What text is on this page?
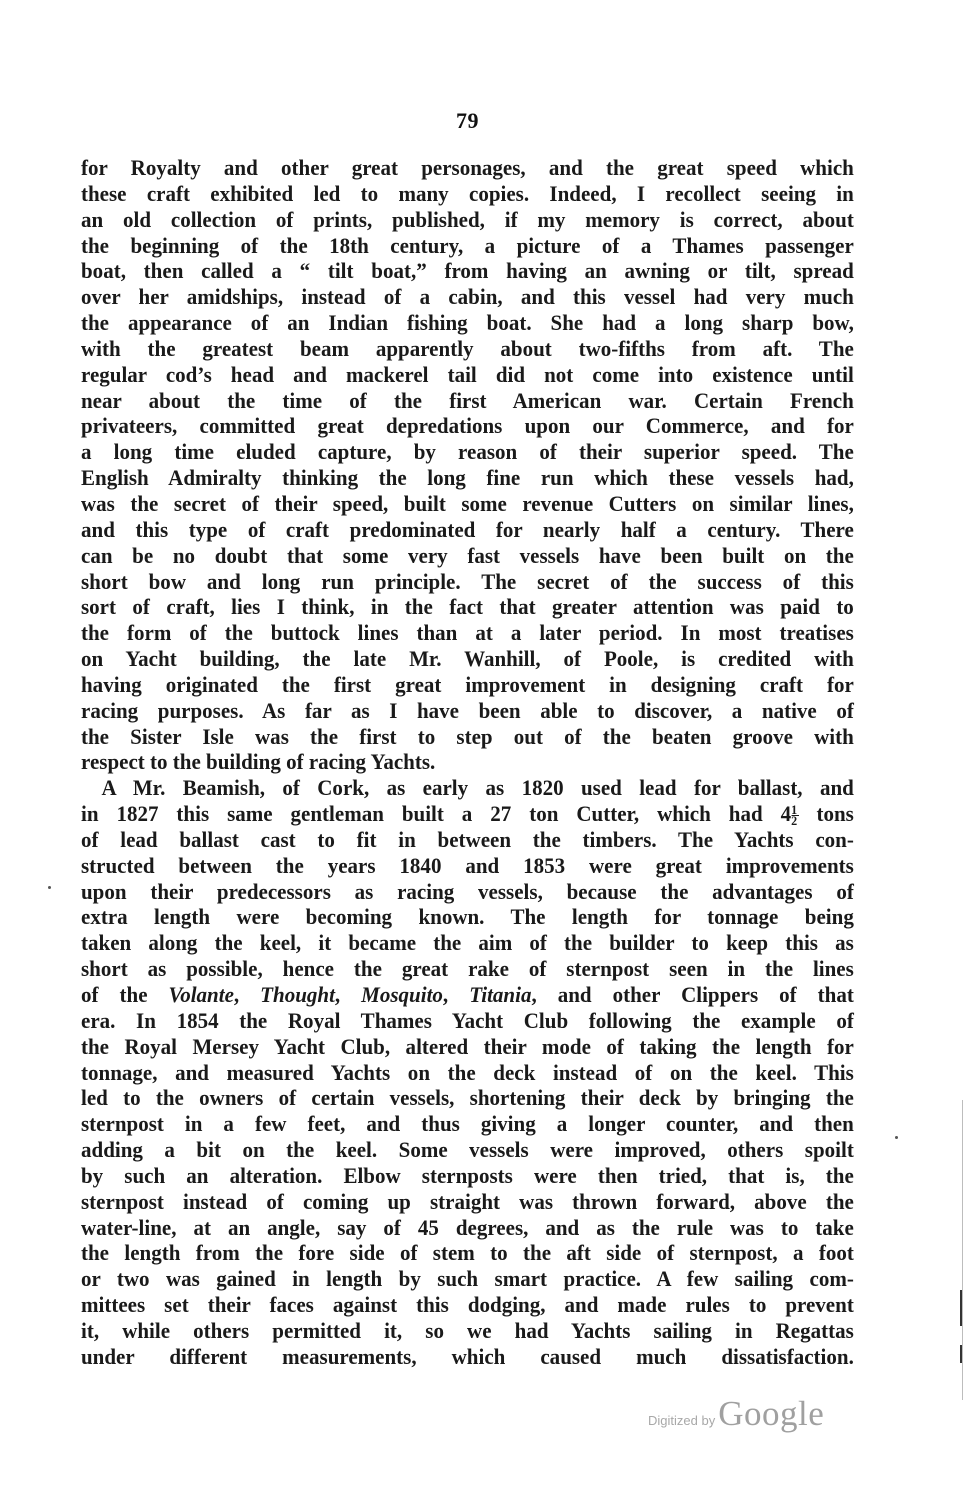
79
for Royalty and other great personages, and the great speed which
these craft exhibited led to many copies. Indeed, I recollect seeing in
an old collection of prints, published, if my memory is correct, about
the beginning of the 18th century, a picture of a Thames passenger
boat, then called a “ tilt boat,” from having an awning or tilt, spread
over her amidships, instead of a cabin, and this vessel had very much
the appearance of an Indian fishing boat. She had a long sharp bow,
with the greatest beam apparently about two-fifths from aft. The
regular cod’s head and mackerel tail did not come into existence until
near about the time of the first American war. Certain French
privateers, committed great depredations upon our Commerce, and for
a long time eluded capture, by reason of their superior speed. The
English Admiralty thinking the long fine run which these vessels had,
was the secret of their speed, built some revenue Cutters on similar lines,
and this type of craft predominated for nearly half a century. There
can be no doubt that some very fast vessels have been built on the
short bow and long run principle. The secret of the success of this
sort of craft, lies I think, in the fact that greater attention was paid to
the form of the buttock lines than at a later period. In most treatises
on Yacht building, the late Mr. Wanhill, of Poole, is credited with
having originated the first great improvement in designing craft for
racing purposes. As far as I have been able to discover, a native of
the Sister Isle was the first to step out of the beaten groove with
respect to the building of racing Yachts.
A Mr. Beamish, of Cork, as early as 1820 used lead for ballast, and
in 1827 this same gentleman built a 27 ton Cutter, which had $4 \frac{1}{2}$ tons
of lead ballast cast to fit in between the timbers. The Yachts con-
structed between the years 1840 and 1853 were great improvements
upon their predecessors as racing vessels, because the advantages of
extra length were becoming known. The length for tonnage being
taken along the keel, it became the aim of the builder to keep this as
short as possible, hence the great rake of sternpost seen in the lines
of the Volante, Thought, Mosquito, Titania, and other Clippers of that
era. In 1854 the Royal Thames Yacht Club following the example of
the Royal Mersey Yacht Club, altered their mode of taking the length for
tonnage, and measured Yachts on the deck instead of on the keel. This
led to the owners of certain vessels, shortening their deck by bringing the
sternpost in a few feet, and thus giving a longer counter, and then
adding a bit on the keel. Some vessels were improved, others spoilt
by such an alteration. Elbow sternposts were then tried, that is, the
sternpost instead of coming up straight was thrown forward, above the
water-line, at an angle, say of 45 degrees, and as the rule was to take
the length from the fore side of stem to the aft side of sternpost, a foot
or two was gained in length by such smart practice. A few sailing com-
mittees set their faces against this dodging, and made rules to prevent
it, while others permitted it, so we had Yachts sailing in Regattas
under different measurements, which caused much dissatisfaction.
Digitized by Google
